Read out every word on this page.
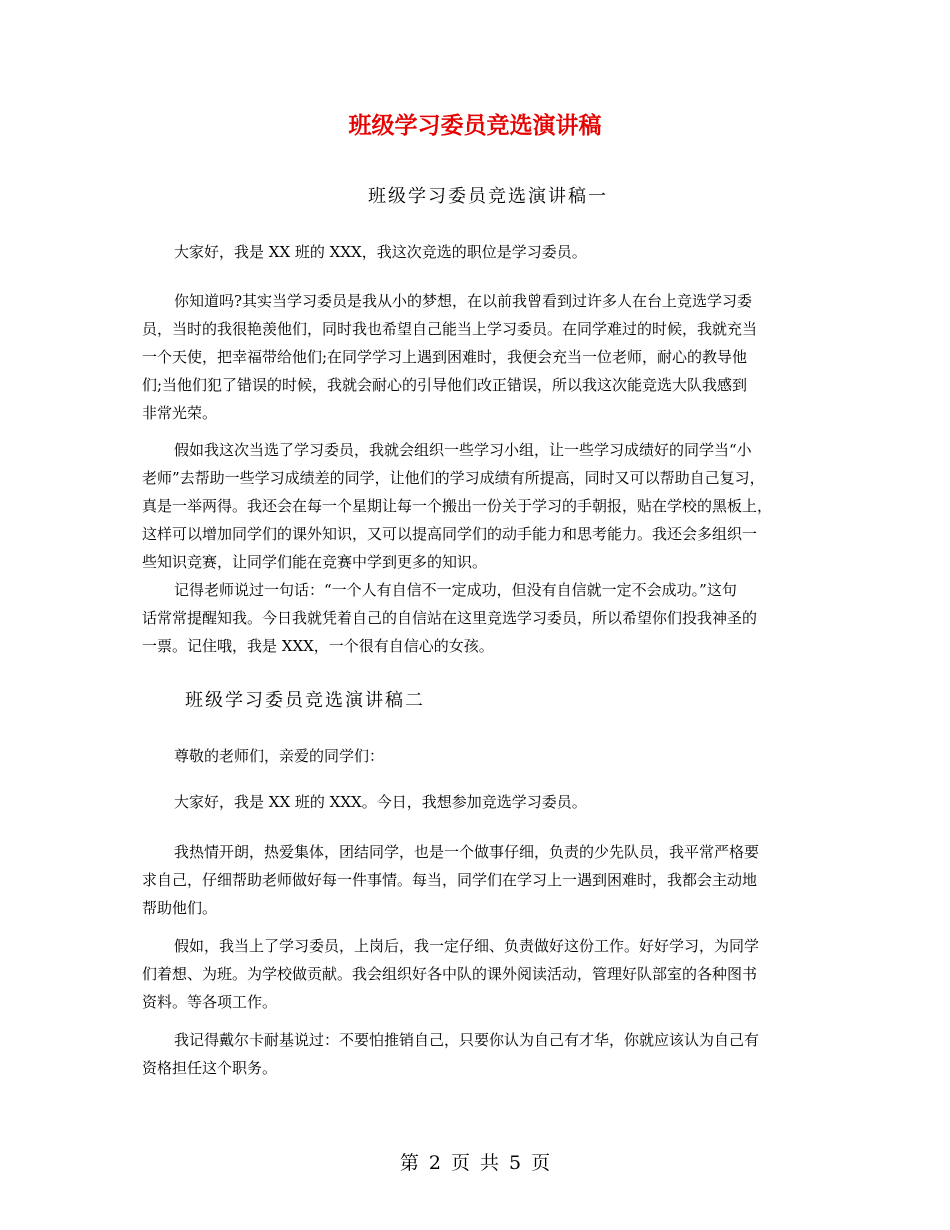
班级学习委员竞选演讲稿
班级学习委员竞选演讲稿一
大家好，我是 XX 班的 XXX，我这次竞选的职位是学习委员。
你知道吗?其实当学习委员是我从小的梦想，在以前我曾看到过许多人在台上竞选学习委
员，当时的我很艳羡他们，同时我也希望自己能当上学习委员。在同学难过的时候，我就充当
一个天使，把幸福带给他们;在同学学习上遇到困难时，我便会充当一位老师，耐心的教导他
们;当他们犯了错误的时候，我就会耐心的引导他们改正错误，所以我这次能竞选大队我感到
非常光荣。
假如我这次当选了学习委员，我就会组织一些学习小组，让一些学习成绩好的同学当“小
老师”去帮助一些学习成绩差的同学，让他们的学习成绩有所提高，同时又可以帮助自己复习，
真是一举两得。我还会在每一个星期让每一个搬出一份关于学习的手朝报，贴在学校的黑板上，
这样可以增加同学们的课外知识，又可以提高同学们的动手能力和思考能力。我还会多组织一
些知识竞赛，让同学们能在竞赛中学到更多的知识。
记得老师说过一句话：“一个人有自信不一定成功，但没有自信就一定不会成功。”这句
话常常提醒知我。今日我就凭着自己的自信站在这里竞选学习委员，所以希望你们投我神圣的
一票。记住哦，我是 XXX，一个很有自信心的女孩。
班级学习委员竞选演讲稿二
尊敬的老师们，亲爱的同学们：
大家好，我是 XX 班的 XXX。今日，我想参加竞选学习委员。
我热情开朗，热爱集体，团结同学，也是一个做事仔细，负责的少先队员，我平常严格要
求自己，仔细帮助老师做好每一件事情。每当，同学们在学习上一遇到困难时，我都会主动地
帮助他们。
假如，我当上了学习委员，上岗后，我一定仔细、负责做好这份工作。好好学习，为同学
们着想、为班。为学校做贡献。我会组织好各中队的课外阅读活动，管理好队部室的各种图书
资料。等各项工作。
我记得戴尔卡耐基说过：不要怕推销自己，只要你认为自己有才华，你就应该认为自己有
资格担任这个职务。
第 2 页 共 5 页
